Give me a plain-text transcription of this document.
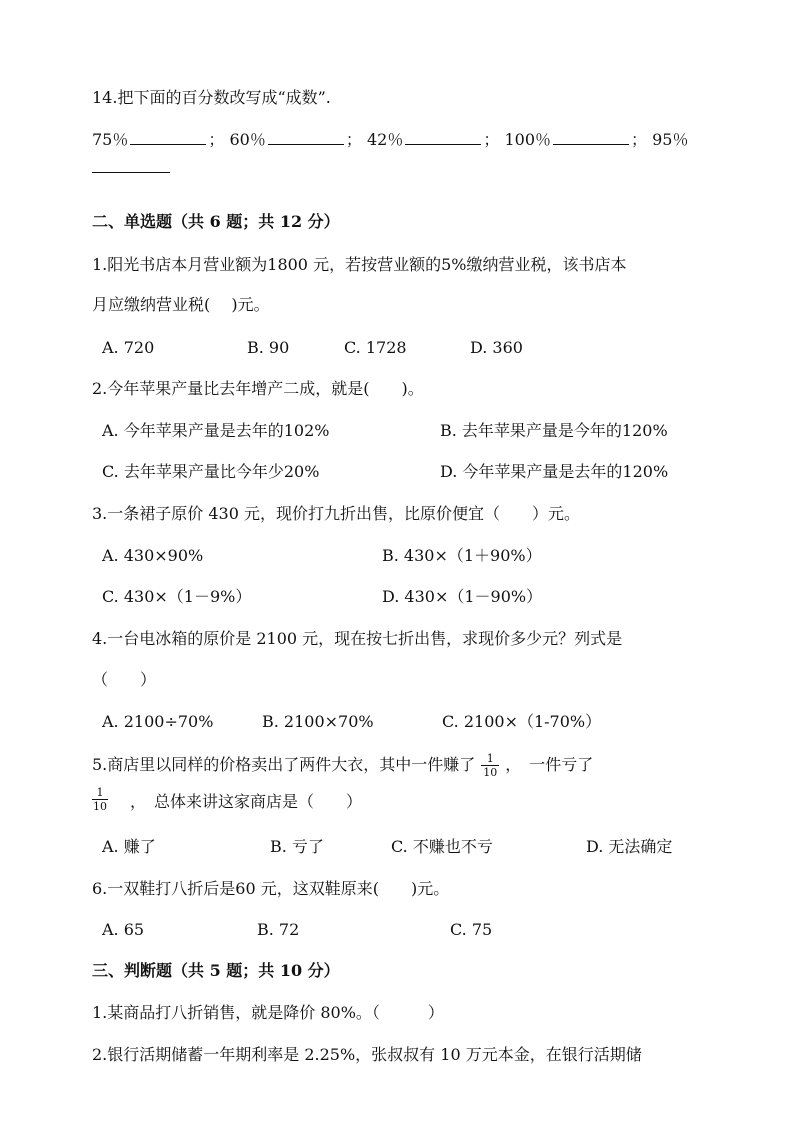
14.把下面的百分数改写成“成数”.
75％	； 60％	； 42％	； 100％	； 95％
二、单选题（共 6 题；共 12 分）
1.阳光书店本月营业额为1800 元，若按营业额的5%缴纳营业税，该书店本
月应缴纳营业税(　 )元。
A. 720	B. 90	C. 1728	D. 360
2.今年苹果产量比去年增产二成，就是(　　)。
A. 今年苹果产量是去年的102%	B. 去年苹果产量是今年的120%
C. 去年苹果产量比今年少20%	D. 今年苹果产量是去年的120%
3.一条裙子原价 430 元，现价打九折出售，比原价便宜（　　）元。
A. 430×90%	B. 430×（1＋90%）
C. 430×（1－9%）	D. 430×（1－90%）
4.一台电冰箱的原价是 2100 元，现在按七折出售，求现价多少元？列式是
（　　）
A. 2100÷70%	B. 2100×70%	C. 2100×（1-70%）
5.商店里以同样的价格卖出了两件大衣，其中一件赚了 $\frac{1}{10}$ ，　一件亏了
$\frac{1}{10}$ ，　总体来讲这家商店是（　　）
A. 赚了	B. 亏了	C. 不赚也不亏	D. 无法确定
6.一双鞋打八折后是60 元，这双鞋原来(　　)元。
A. 65	B. 72	C. 75
三、判断题（共 5 题；共 10 分）
1.某商品打八折销售，就是降价 80%。（　　　）
2.银行活期储蓄一年期利率是 2.25%，张叔叔有 10 万元本金，在银行活期储
